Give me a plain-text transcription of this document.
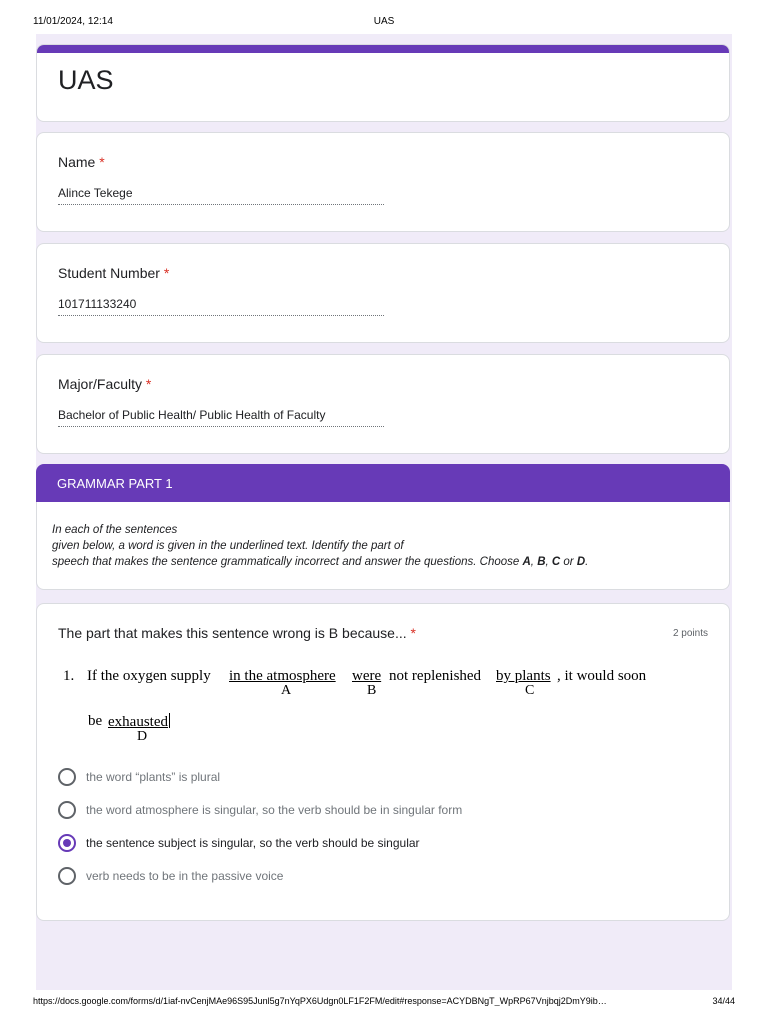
11/01/2024, 12:14	UAS
UAS
Name *
Alince Tekege
Student Number *
101711133240
Major/Faculty *
Bachelor of Public Health/ Public Health of Faculty
GRAMMAR PART 1

In each of the sentences
given below, a word is given in the underlined text. Identify the part of
speech that makes the sentence grammatically incorrect and answer the questions. Choose A, B, C or D.

The part that makes this sentence wrong is B because... *	2 points
1. If the oxygen supply in the atmosphere were not replenished by plants , it would soon
A	B	C
be exhausted
D
the word “plants” is plural
the word atmosphere is singular, so the verb should be in singular form
the sentence subject is singular, so the verb should be singular
verb needs to be in the passive voice
https://docs.google.com/forms/d/1iaf-nvCenjMAe96S95Junl5g7nYqPX6Udgn0LF1F2FM/edit#response=ACYDBNgT_WpRP67Vnjbqj2DmY9ib…	34/44
